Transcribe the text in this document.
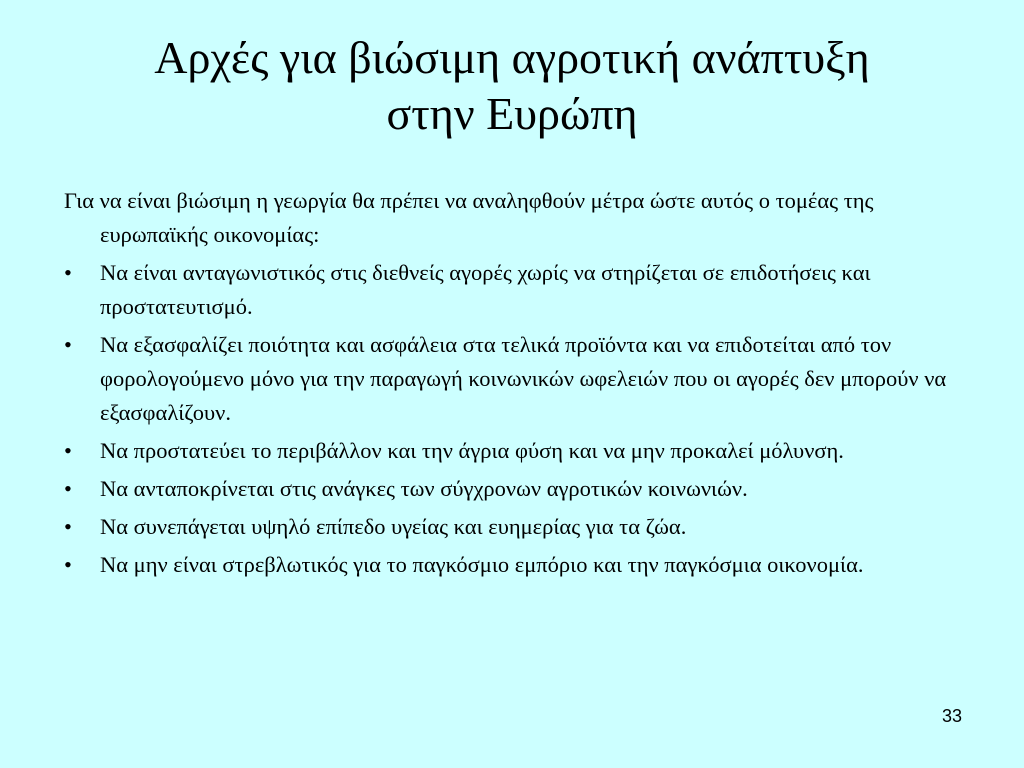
Αρχές για βιώσιμη αγροτική ανάπτυξη
στην Ευρώπη

Για να είναι βιώσιμη η γεωργία θα πρέπει να αναληφθούν μέτρα ώστε αυτός ο τομέας της ευρωπαϊκής οικονομίας:

• Να είναι ανταγωνιστικός στις διεθνείς αγορές χωρίς να στηρίζεται σε επιδοτήσεις και προστατευτισμό.
• Να εξασφαλίζει ποιότητα και ασφάλεια στα τελικά προϊόντα και να επιδοτείται από τον φορολογούμενο μόνο για την παραγωγή κοινωνικών ωφελειών που οι αγορές δεν μπορούν να εξασφαλίζουν.
• Να προστατεύει το περιβάλλον και την άγρια φύση και να μην προκαλεί μόλυνση.
• Να ανταποκρίνεται στις ανάγκες των σύγχρονων αγροτικών κοινωνιών.
• Να συνεπάγεται υψηλό επίπεδο υγείας και ευημερίας για τα ζώα.
• Να μην είναι στρεβλωτικός για το παγκόσμιο εμπόριο και την παγκόσμια οικονομία.
33
